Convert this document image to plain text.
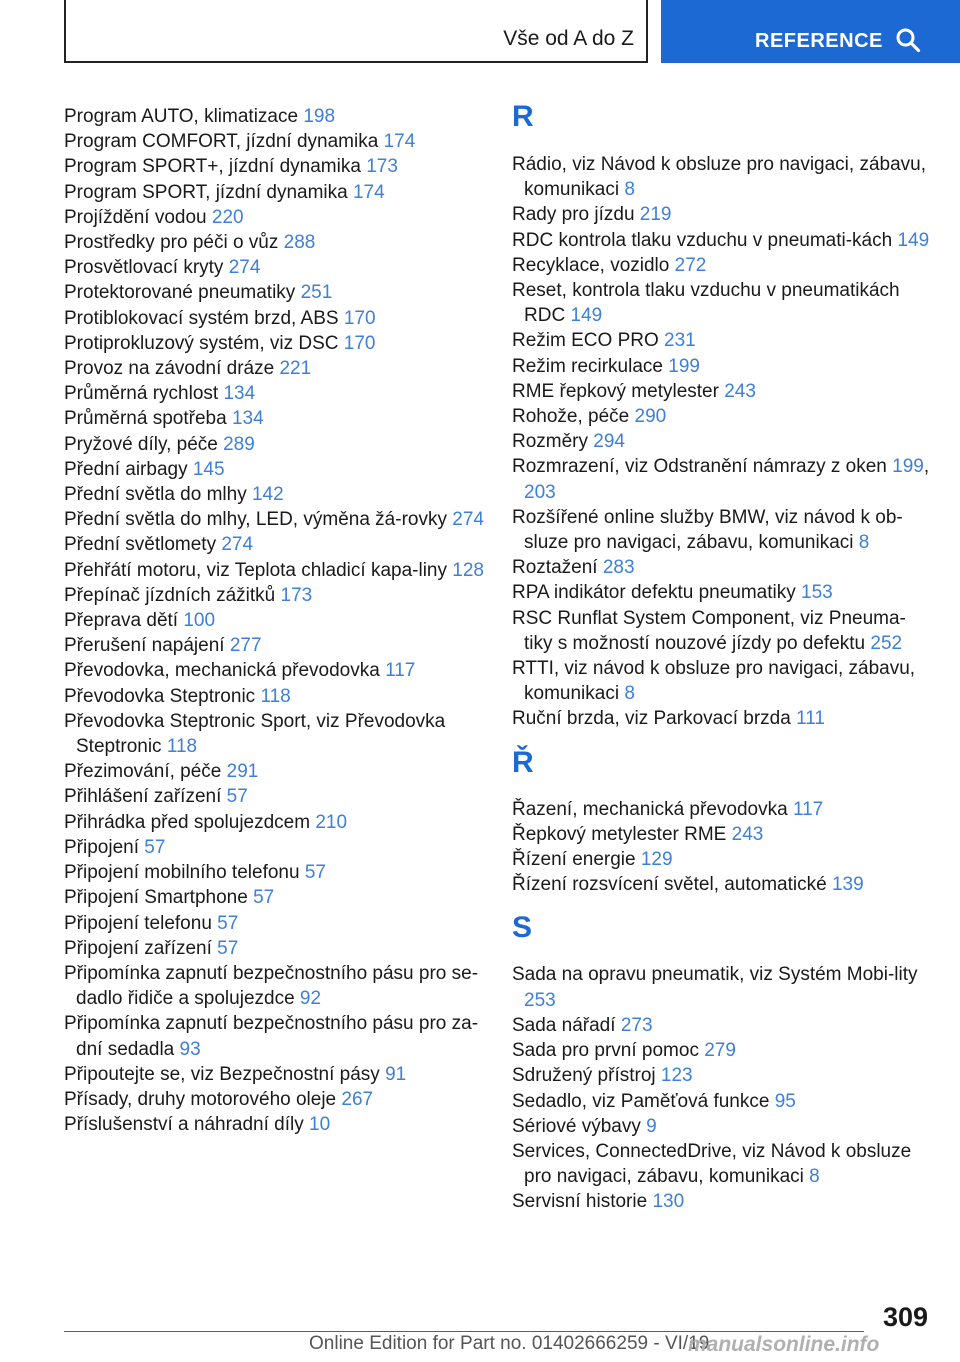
Vše od A do Z	REFERENCE
Program AUTO, klimatizace 198
Program COMFORT, jízdní dynamika 174
Program SPORT+, jízdní dynamika 173
Program SPORT, jízdní dynamika 174
Projíždění vodou 220
Prostředky pro péči o vůz 288
Prosvětlovací kryty 274
Protektorované pneumatiky 251
Protiblokovací systém brzd, ABS 170
Protiprokluzový systém, viz DSC 170
Provoz na závodní dráze 221
Průměrná rychlost 134
Průměrná spotřeba 134
Pryžové díly, péče 289
Přední airbagy 145
Přední světla do mlhy 142
Přední světla do mlhy, LED, výměna žá-rovky 274
Přední světlomety 274
Přehřátí motoru, viz Teplota chladicí kapa-liny 128
Přepínač jízdních zážitků 173
Přeprava dětí 100
Přerušení napájení 277
Převodovka, mechanická převodovka 117
Převodovka Steptronic 118
Převodovka Steptronic Sport, viz Převodovka Steptronic 118
Přezimování, péče 291
Přihlášení zařízení 57
Přihrádka před spolujezdcem 210
Připojení 57
Připojení mobilního telefonu 57
Připojení Smartphone 57
Připojení telefonu 57
Připojení zařízení 57
Připomínka zapnutí bezpečnostního pásu pro se-dadlo řidiče a spolujezdce 92
Připomínka zapnutí bezpečnostního pásu pro za-dní sedadla 93
Připoutejte se, viz Bezpečnostní pásy 91
Přísady, druhy motorového oleje 267
Příslušenství a náhradní díly 10
R
Rádio, viz Návod k obsluze pro navigaci, zábavu, komunikaci 8
Rady pro jízdu 219
RDC kontrola tlaku vzduchu v pneumati-kách 149
Recyklace, vozidlo 272
Reset, kontrola tlaku vzduchu v pneumatikách RDC 149
Režim ECO PRO 231
Režim recirkulace 199
RME řepkový metylester 243
Rohože, péče 290
Rozměry 294
Rozmrazení, viz Odstranění námrazy z oken 199, 203
Rozšířené online služby BMW, viz návod k ob-sluze pro navigaci, zábavu, komunikaci 8
Roztažení 283
RPA indikátor defektu pneumatiky 153
RSC Runflat System Component, viz Pneuma-tiky s možností nouzové jízdy po defektu 252
RTTI, viz návod k obsluze pro navigaci, zábavu, komunikaci 8
Ruční brzda, viz Parkovací brzda 111
Ř
Řazení, mechanická převodovka 117
Řepkový metylester RME 243
Řízení energie 129
Řízení rozsvícení světel, automatické 139
S
Sada na opravu pneumatik, viz Systém Mobi-lity 253
Sada nářadí 273
Sada pro první pomoc 279
Sdružený přístroj 123
Sedadlo, viz Paměťová funkce 95
Sériové výbavy 9
Services, ConnectedDrive, viz Návod k obsluze pro navigaci, zábavu, komunikaci 8
Servisní historie 130
309
Online Edition for Part no. 01402666259 - VI/19
manualsonline.info
